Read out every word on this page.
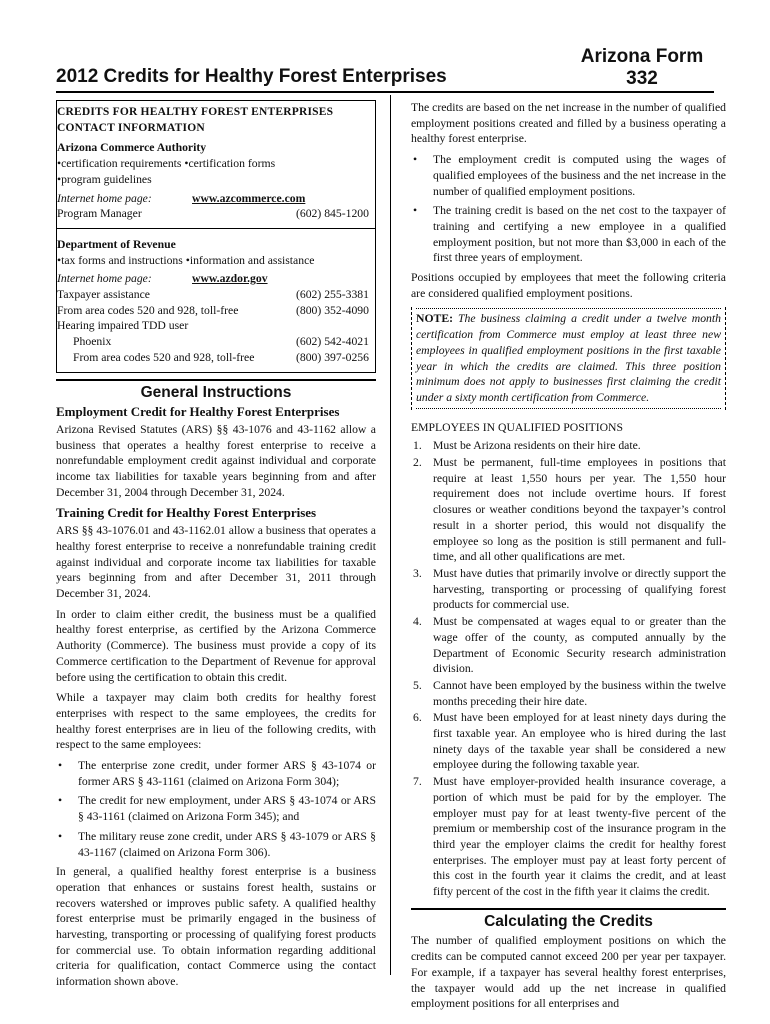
Arizona Form
332
2012 Credits for Healthy Forest Enterprises
CREDITS FOR HEALTHY FOREST ENTERPRISES
CONTACT INFORMATION
Arizona Commerce Authority
•certification requirements •certification forms
•program guidelines
Internet home page:	www.azcommerce.com
Program Manager	(602) 845-1200
Department of Revenue
•tax forms and instructions •information and assistance
Internet home page:	www.azdor.gov
Taxpayer assistance	(602) 255-3381
From area codes 520 and 928, toll-free	(800) 352-4090
Hearing impaired TDD user
Phoenix	(602) 542-4021
From area codes 520 and 928, toll-free	(800) 397-0256
General Instructions
Employment Credit for Healthy Forest Enterprises

Arizona Revised Statutes (ARS) §§ 43-1076 and 43-1162 allow a business that operates a healthy forest enterprise to receive a nonrefundable employment credit against individual and corporate income tax liabilities for taxable years beginning from and after December 31, 2004 through December 31, 2024.

Training Credit for Healthy Forest Enterprises

ARS §§ 43-1076.01 and 43-1162.01 allow a business that operates a healthy forest enterprise to receive a nonrefundable training credit against individual and corporate income tax liabilities for taxable years beginning from and after December 31, 2011 through December 31, 2024.

In order to claim either credit, the business must be a qualified healthy forest enterprise, as certified by the Arizona Commerce Authority (Commerce). The business must provide a copy of its Commerce certification to the Department of Revenue for approval before using the certification to obtain this credit.

While a taxpayer may claim both credits for healthy forest enterprises with respect to the same employees, the credits for healthy forest enterprises are in lieu of the following credits, with respect to the same employees:

• The enterprise zone credit, under former ARS § 43-1074 or former ARS § 43-1161 (claimed on Arizona Form 304);
• The credit for new employment, under ARS § 43-1074 or ARS § 43-1161 (claimed on Arizona Form 345); and
• The military reuse zone credit, under ARS § 43-1079 or ARS § 43-1167 (claimed on Arizona Form 306).

In general, a qualified healthy forest enterprise is a business operation that enhances or sustains forest health, sustains or recovers watershed or improves public safety. A qualified healthy forest enterprise must be primarily engaged in the business of harvesting, transporting or processing of qualifying forest products for commercial use. To obtain information regarding additional criteria for qualification, contact Commerce using the contact information shown above.

The credits are based on the net increase in the number of qualified employment positions created and filled by a business operating a healthy forest enterprise.

• The employment credit is computed using the wages of qualified employees of the business and the net increase in the number of qualified employment positions.
• The training credit is based on the net cost to the taxpayer of training and certifying a new employee in a qualified employment position, but not more than $3,000 in each of the first three years of employment.

Positions occupied by employees that meet the following criteria are considered qualified employment positions.

NOTE: The business claiming a credit under a twelve month certification from Commerce must employ at least three new employees in qualified employment positions in the first taxable year in which the credits are claimed. This three position minimum does not apply to businesses first claiming the credit under a sixty month certification from Commerce.
EMPLOYEES IN QUALIFIED POSITIONS
1. Must be Arizona residents on their hire date.
2. Must be permanent, full-time employees in positions that require at least 1,550 hours per year. The 1,550 hour requirement does not include overtime hours. If forest closures or weather conditions beyond the taxpayer’s control result in a shorter period, this would not disqualify the employee so long as the position is still permanent and full-time, and all other qualifications are met.
3. Must have duties that primarily involve or directly support the harvesting, transporting or processing of qualifying forest products for commercial use.
4. Must be compensated at wages equal to or greater than the wage offer of the county, as computed annually by the Department of Economic Security research administration division.
5. Cannot have been employed by the business within the twelve months preceding their hire date.
6. Must have been employed for at least ninety days during the first taxable year. An employee who is hired during the last ninety days of the taxable year shall be considered a new employee during the following taxable year.
7. Must have employer-provided health insurance coverage, a portion of which must be paid for by the employer. The employer must pay for at least twenty-five percent of the premium or membership cost of the insurance program in the third year the employer claims the credit for healthy forest enterprises. The employer must pay at least forty percent of this cost in the fourth year it claims the credit, and at least fifty percent of the cost in the fifth year it claims the credit.
Calculating the Credits

The number of qualified employment positions on which the credits can be computed cannot exceed 200 per year per taxpayer. For example, if a taxpayer has several healthy forest enterprises, the taxpayer would add up the net increase in qualified employment positions for all enterprises and
